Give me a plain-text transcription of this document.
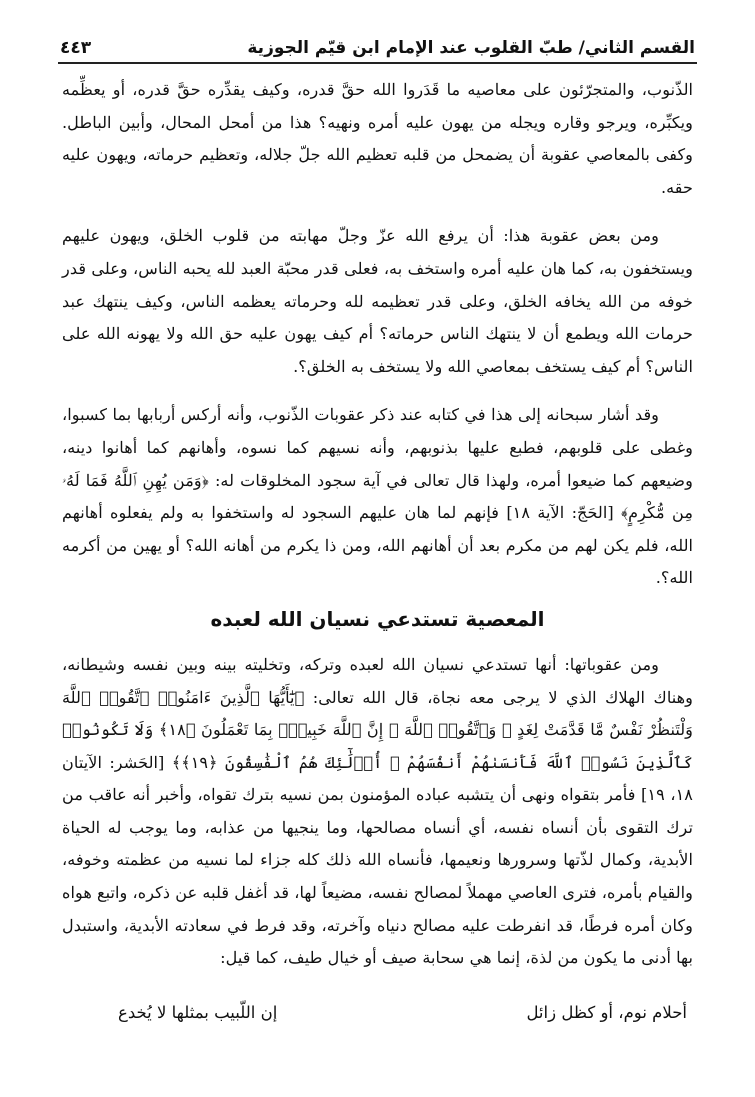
القسم الثاني/ طبّ القلوب عند الإمام ابن قيّم الجوزية
٤٤٣

الذّنوب، والمتجرّئون على معاصيه ما قَدَروا الله حقَّ قدره، وكيف يقدِّره حقَّ قدره، أو يعظِّمه ويكبِّره، ويرجو وقاره ويجله من يهون عليه أمره ونهيه؟ هذا من أمحل المحال، وأبين الباطل. وكفى بالمعاصي عقوبة أن يضمحل من قلبه تعظيم الله جلّ جلاله، وتعظيم حرماته، ويهون عليه حقه.

ومن بعض عقوبة هذا: أن يرفع الله عزّ وجلّ مهابته من قلوب الخلق، ويهون عليهم ويستخفون به، كما هان عليه أمره واستخف به، فعلى قدر محبّة العبد لله يحبه الناس، وعلى قدر خوفه من الله يخافه الخلق، وعلى قدر تعظيمه لله وحرماته يعظمه الناس، وكيف ينتهك عبد حرمات الله ويطمع أن لا ينتهك الناس حرماته؟ أم كيف يهون عليه حق الله ولا يهونه الله على الناس؟ أم كيف يستخف بمعاصي الله ولا يستخف به الخلق؟.

وقد أشار سبحانه إلى هذا في كتابه عند ذكر عقوبات الذّنوب، وأنه أركس أربابها بما كسبوا، وغطى على قلوبهم، فطبع عليها بذنوبهم، وأنه نسيهم كما نسوه، وأهانهم كما أهانوا دينه، وضيعهم كما ضيعوا أمره، ولهذا قال تعالى في آية سجود المخلوقات له: ﴿وَمَن يُهِنِ ٱللَّهُ فَمَا لَهُۥ مِن مُّكْرِمٍ﴾ [الحَجّ: الآية ١٨] فإنهم لما هان عليهم السجود له واستخفوا به ولم يفعلوه أهانهم الله، فلم يكن لهم من مكرم بعد أن أهانهم الله، ومن ذا يكرم من أهانه الله؟ أو يهين من أكرمه الله؟.

المعصية تستدعي نسيان الله لعبده

ومن عقوباتها: أنها تستدعي نسيان الله لعبده وتركه، وتخليته بينه وبين نفسه وشيطانه، وهناك الهلاك الذي لا يرجى معه نجاة، قال الله تعالى: ﴿يَٰٓأَيُّهَا ٱلَّذِينَ ءَامَنُوا۟ ٱتَّقُوا۟ ٱللَّهَ وَلْتَنظُرْ نَفْسٌ مَّا قَدَّمَتْ لِغَدٍ ۖ وَٱتَّقُوا۟ ٱللَّهَ ۚ إِنَّ ٱللَّهَ خَبِيرٌۢ بِمَا تَعْمَلُونَ ﴿١٨﴾ وَلَا تَكُونُوا۟ كَٱلَّذِينَ نَسُوا۟ ٱللَّهَ فَأَنسَىٰهُمْ أَنفُسَهُمْ ۚ أُو۟لَٰٓئِكَ هُمُ ٱلْفَٰسِقُونَ ﴿١٩﴾﴾ [الحَشر: الآيتان ١٨، ١٩] فأمر بتقواه ونهى أن يتشبه عباده المؤمنون بمن نسيه بترك تقواه، وأخبر أنه عاقب من ترك التقوى بأن أنساه نفسه، أي أنساه مصالحها، وما ينجيها من عذابه، وما يوجب له الحياة الأبدية، وكمال لذّتها وسرورها ونعيمها، فأنساه الله ذلك كله جزاء لما نسيه من عظمته وخوفه، والقيام بأمره، فترى العاصي مهملاً لمصالح نفسه، مضيعاً لها، قد أغفل قلبه عن ذكره، واتبع هواه وكان أمره فرطًا، قد انفرطت عليه مصالح دنياه وآخرته، وقد فرط في سعادته الأبدية، واستبدل بها أدنى ما يكون من لذة، إنما هي سحابة صيف أو خيال طيف، كما قيل:

أحلام نوم، أو كظل زائل
إن اللّبيب بمثلها لا يُخدع
